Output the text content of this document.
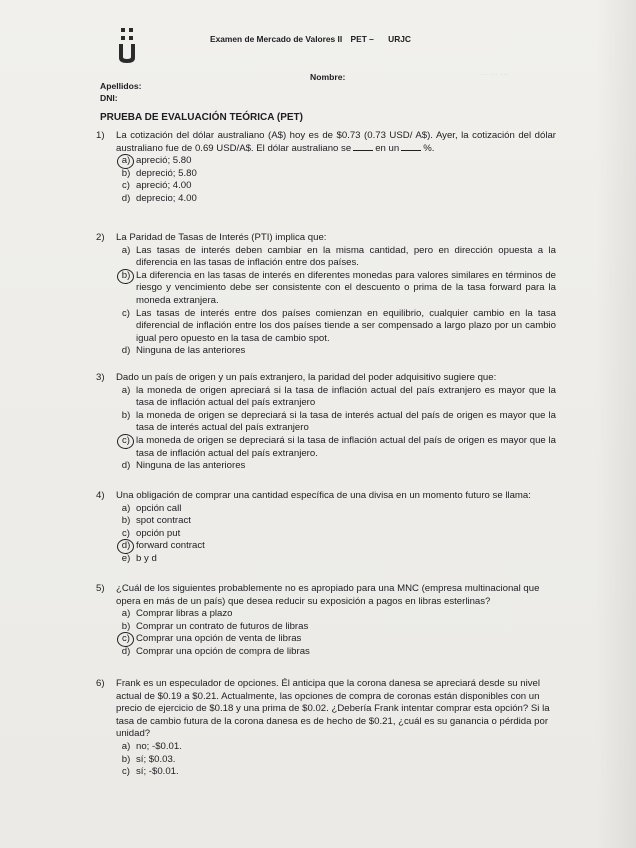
··· ··· ···
Examen de Mercado de Valores II PET – URJC
Nombre:
Apellidos:
DNI:
PRUEBA DE EVALUACIÓN TEÓRICA (PET)
1)	La cotización del dólar australiano (A$) hoy es de $0.73 (0.73 USD/ A$). Ayer, la cotización del dólar australiano fue de 0.69 USD/A$. El dólar australiano se	en un	%.
a) apreció; 5.80
b) depreció; 5.80
c) apreció; 4.00
d) deprecio; 4.00
2)	La Paridad de Tasas de Interés (PTI) implica que:
a) Las tasas de interés deben cambiar en la misma cantidad, pero en dirección opuesta a la diferencia en las tasas de inflación entre dos países.
b) La diferencia en las tasas de interés en diferentes monedas para valores similares en términos de riesgo y vencimiento debe ser consistente con el descuento o prima de la tasa forward para la moneda extranjera.
c) Las tasas de interés entre dos países comienzan en equilibrio, cualquier cambio en la tasa diferencial de inflación entre los dos países tiende a ser compensado a largo plazo por un cambio igual pero opuesto en la tasa de cambio spot.
d) Ninguna de las anteriores
3)	Dado un país de origen y un país extranjero, la paridad del poder adquisitivo sugiere que:
a) la moneda de origen apreciará si la tasa de inflación actual del país extranjero es mayor que la tasa de inflación actual del país extranjero
b) la moneda de origen se depreciará si la tasa de interés actual del país de origen es mayor que la tasa de interés actual del país extranjero
c) la moneda de origen se depreciará si la tasa de inflación actual del país de origen es mayor que la tasa de inflación actual del país extranjero.
d) Ninguna de las anteriores
4)	Una obligación de comprar una cantidad específica de una divisa en un momento futuro se llama:
a) opción call
b) spot contract
c) opción put
d) forward contract
e) b y d
5)	¿Cuál de los siguientes probablemente no es apropiado para una MNC (empresa multinacional que opera en más de un país) que desea reducir su exposición a pagos en libras esterlinas?
a) Comprar libras a plazo
b) Comprar un contrato de futuros de libras
c) Comprar una opción de venta de libras
d) Comprar una opción de compra de libras
6)	Frank es un especulador de opciones. Él anticipa que la corona danesa se apreciará desde su nivel actual de $0.19 a $0.21. Actualmente, las opciones de compra de coronas están disponibles con un precio de ejercicio de $0.18 y una prima de $0.02. ¿Debería Frank intentar comprar esta opción? Si la tasa de cambio futura de la corona danesa es de hecho de $0.21, ¿cuál es su ganancia o pérdida por unidad?
a) no; -$0.01.
b) sí; $0.03.
c) sí; -$0.01.
